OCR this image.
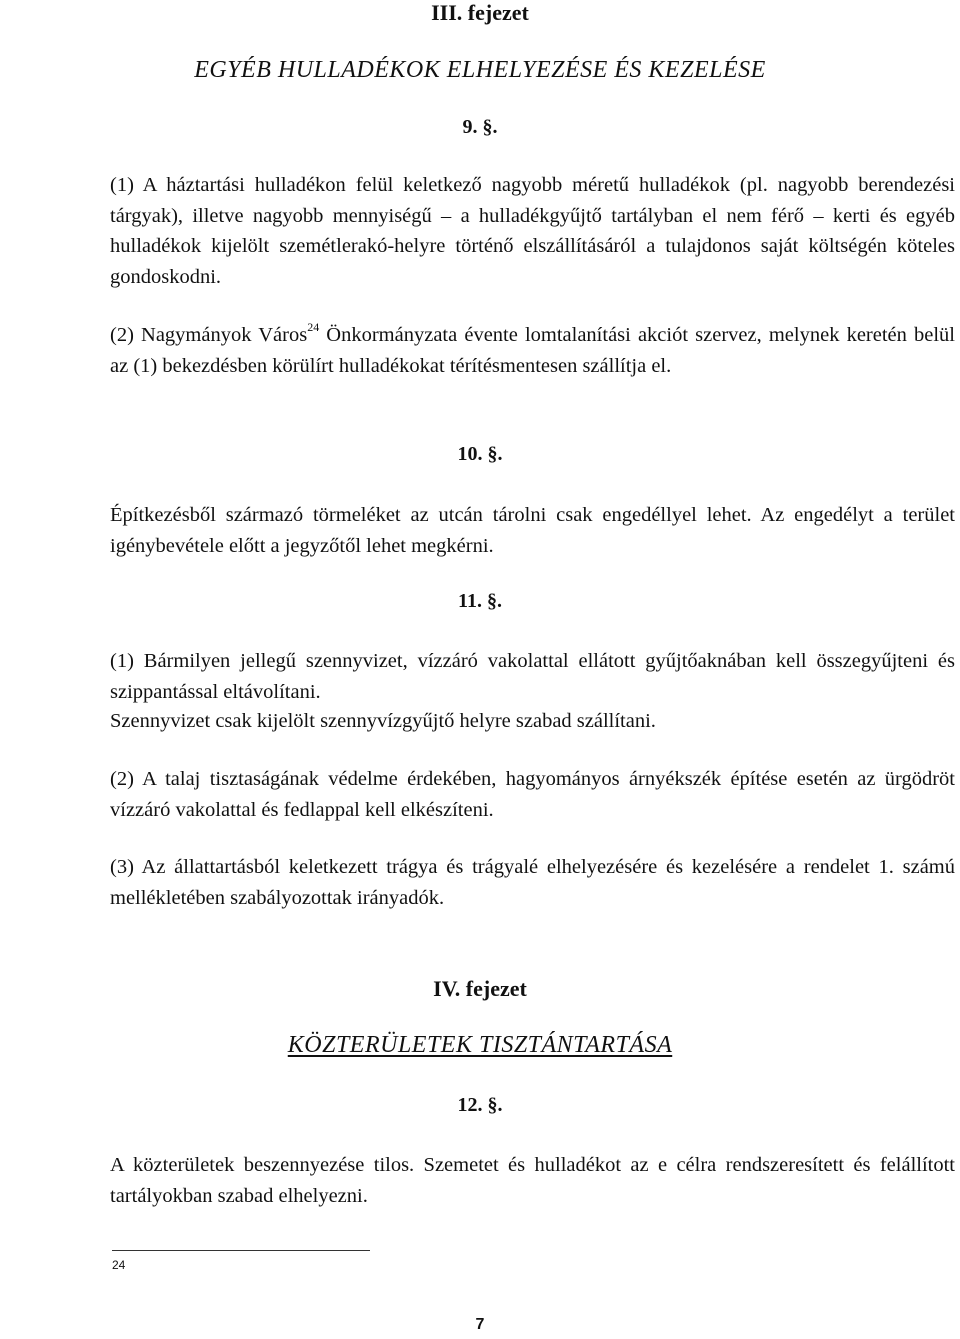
III. fejezet

EGYÉB HULLADÉKOK ELHELYEZÉSE ÉS KEZELÉSE

9. §.

(1) A háztartási hulladékon felül keletkező nagyobb méretű hulladékok (pl. nagyobb berendezési tárgyak), illetve nagyobb mennyiségű – a hulladékgyűjtő tartályban el nem férő – kerti és egyéb hulladékok kijelölt szemétlerakó-helyre történő elszállításáról a tulajdonos saját költségén köteles gondoskodni.

(2) Nagymányok Város$^{24}$ Önkormányzata évente lomtalanítási akciót szervez, melynek keretén belül az (1) bekezdésben körülírt hulladékokat térítésmentesen szállítja el.

10. §.

Építkezésből származó törmeléket az utcán tárolni csak engedéllyel lehet. Az engedélyt a terület igénybevétele előtt a jegyzőtől lehet megkérni.

11. §.

(1) Bármilyen jellegű szennyvizet, vízzáró vakolattal ellátott gyűjtőaknában kell összegyűjteni és szippantással eltávolítani.

Szennyvizet csak kijelölt szennyvízgyűjtő helyre szabad szállítani.

(2) A talaj tisztaságának védelme érdekében, hagyományos árnyékszék építése esetén az ürgödröt vízzáró vakolattal és fedlappal kell elkészíteni.

(3) Az állattartásból keletkezett trágya és trágyalé elhelyezésére és kezelésére a rendelet 1. számú mellékletében szabályozottak irányadók.

IV. fejezet

KÖZTERÜLETEK TISZTÁNTARTÁSA

12. §.

A közterületek beszennyezése tilos. Szemetet és hulladékot az e célra rendszeresített és felállított tartályokban szabad elhelyezni.

24

7
